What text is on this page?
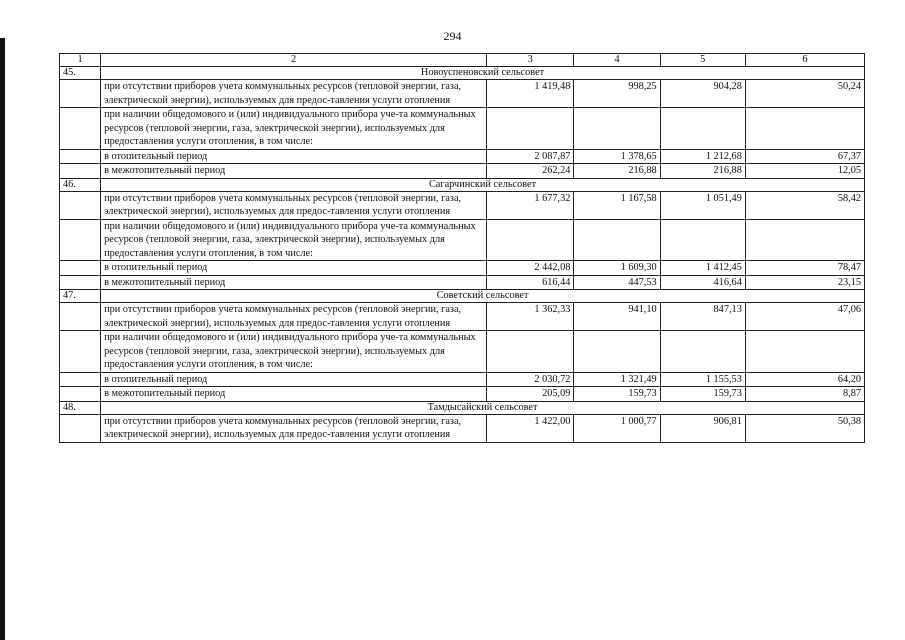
294
1	2	3	4	5	6
45.	Новоуспеновский сельсовет				
	при отсутствии приборов учета коммунальных ресурсов (тепловой энергии, газа, электрической энергии), используемых для предос-тавления услуги отопления	1 419,48	998,25	904,28	50,24
	при наличии общедомового и (или) индивидуального прибора уче-та коммунальных ресурсов (тепловой энергии, газа, электрической энергии), используемых для предоставления услуги отопления, в том числе:				
	в отопительный период	2 087,87	1 378,65	1 212,68	67,37
	в межотопительный период	262,24	216,88	216,88	12,05
46.	Сагарчинский сельсовет				
	при отсутствии приборов учета коммунальных ресурсов (тепловой энергии, газа, электрической энергии), используемых для предос-тавления услуги отопления	1 677,32	1 167,58	1 051,49	58,42
	при наличии общедомового и (или) индивидуального прибора уче-та коммунальных ресурсов (тепловой энергии, газа, электрической энергии), используемых для предоставления услуги отопления, в том числе:				
	в отопительный период	2 442,08	1 609,30	1 412,45	78,47
	в межотопительный период	616,44	447,53	416,64	23,15
47.	Советский сельсовет				
	при отсутствии приборов учета коммунальных ресурсов (тепловой энергии, газа, электрической энергии), используемых для предос-тавления услуги отопления	1 362,33	941,10	847,13	47,06
	при наличии общедомового и (или) индивидуального прибора уче-та коммунальных ресурсов (тепловой энергии, газа, электрической энергии), используемых для предоставления услуги отопления, в том числе:				
	в отопительный период	2 030,72	1 321,49	1 155,53	64,20
	в межотопительный период	205,09	159,73	159,73	8,87
48.	Тамдысайский сельсовет				
	при отсутствии приборов учета коммунальных ресурсов (тепловой энергии, газа, электрической энергии), используемых для предос-тавления услуги отопления	1 422,00	1 000,77	906,81	50,38
